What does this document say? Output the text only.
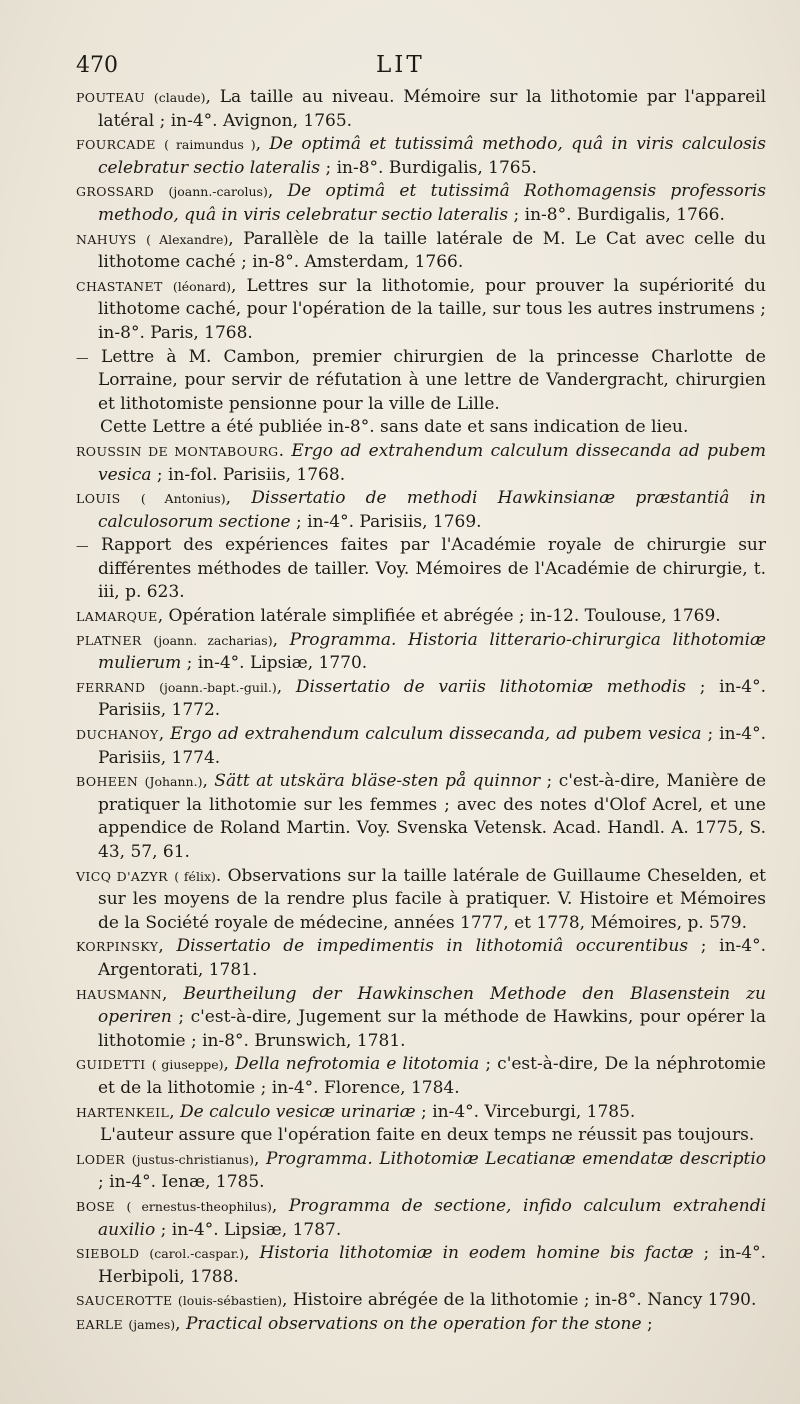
470	LIT
POUTEAU (claude), La taille au niveau. Mémoire sur la lithotomie par l'appareil latéral ; in-4°. Avignon, 1765.
FOURCADE ( raimundus ), De optimâ et tutissimâ methodo, quâ in viris calculosis celebratur sectio lateralis ; in-8°. Burdigalis, 1765.
GROSSARD (joann.-carolus), De optimâ et tutissimâ Rothomagensis professoris methodo, quâ in viris celebratur sectio lateralis ; in-8°. Burdigalis, 1766.
NAHUYS ( Alexandre), Parallèle de la taille latérale de M. Le Cat avec celle du lithotome caché ; in-8°. Amsterdam, 1766.
CHASTANET (léonard), Lettres sur la lithotomie, pour prouver la supériorité du lithotome caché, pour l'opération de la taille, sur tous les autres instrumens ; in-8°. Paris, 1768.
— Lettre à M. Cambon, premier chirurgien de la princesse Charlotte de Lorraine, pour servir de réfutation à une lettre de Vandergracht, chirurgien et lithotomiste pensionne pour la ville de Lille.
Cette Lettre a été publiée in-8°. sans date et sans indication de lieu.
ROUSSIN DE MONTABOURG. Ergo ad extrahendum calculum dissecanda ad pubem vesica ; in-fol. Parisiis, 1768.
LOUIS ( Antonius), Dissertatio de methodi Hawkinsianæ præstantiâ in calculosorum sectione ; in-4°. Parisiis, 1769.
— Rapport des expériences faites par l'Académie royale de chirurgie sur différentes méthodes de tailler. Voy. Mémoires de l'Académie de chirurgie, t. iii, p. 623.
LAMARQUE, Opération latérale simplifiée et abrégée ; in-12. Toulouse, 1769.
PLATNER (joann. zacharias), Programma. Historia litterario-chirurgica lithotomiæ mulierum ; in-4°. Lipsiæ, 1770.
FERRAND (joann.-bapt.-guil.), Dissertatio de variis lithotomiæ methodis ; in-4°. Parisiis, 1772.
DUCHANOY, Ergo ad extrahendum calculum dissecanda, ad pubem vesica ; in-4°. Parisiis, 1774.
BOHEEN (Johann.), Sätt at utskära bläse-sten på quinnor ; c'est-à-dire, Manière de pratiquer la lithotomie sur les femmes ; avec des notes d'Olof Acrel, et une appendice de Roland Martin. Voy. Svenska Vetensk. Acad. Handl. A. 1775, S. 43, 57, 61.
VICQ D'AZYR ( félix). Observations sur la taille latérale de Guillaume Cheselden, et sur les moyens de la rendre plus facile à pratiquer. V. Histoire et Mémoires de la Société royale de médecine, années 1777, et 1778, Mémoires, p. 579.
KORPINSKY, Dissertatio de impedimentis in lithotomiâ occurentibus ; in-4°. Argentorati, 1781.
HAUSMANN, Beurtheilung der Hawkinschen Methode den Blasenstein zu operiren ; c'est-à-dire, Jugement sur la méthode de Hawkins, pour opérer la lithotomie ; in-8°. Brunswich, 1781.
GUIDETTI ( giuseppe), Della nefrotomia e litotomia ; c'est-à-dire, De la néphrotomie et de la lithotomie ; in-4°. Florence, 1784.
HARTENKEIL, De calculo vesicæ urinariæ ; in-4°. Virceburgi, 1785.
L'auteur assure que l'opération faite en deux temps ne réussit pas toujours.
LODER (justus-christianus), Programma. Lithotomiæ Lecatianæ emendatæ descriptio ; in-4°. Ienæ, 1785.
BOSE ( ernestus-theophilus), Programma de sectione, infido calculum extrahendi auxilio ; in-4°. Lipsiæ, 1787.
SIEBOLD (carol.-caspar.), Historia lithotomiæ in eodem homine bis factæ ; in-4°. Herbipoli, 1788.
SAUCEROTTE (louis-sébastien), Histoire abrégée de la lithotomie ; in-8°. Nancy 1790.
EARLE (james), Practical observations on the operation for the stone ;
